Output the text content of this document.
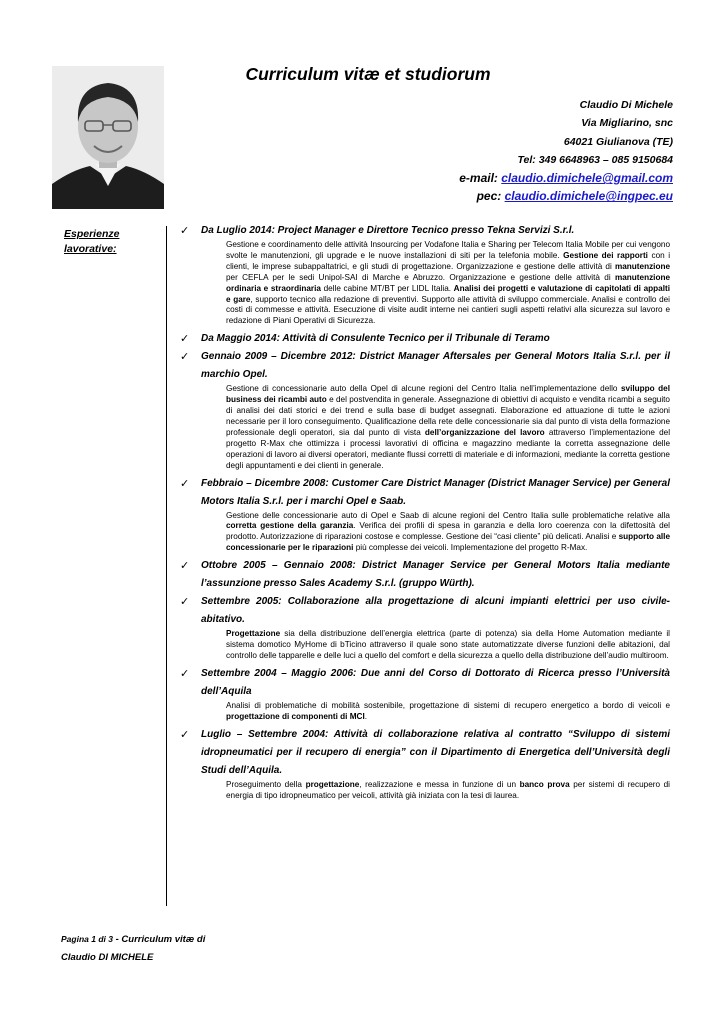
Curriculum vitæ et studiorum
Claudio Di Michele
Via Migliarino, snc
64021 Giulianova (TE)
Tel: 349 6648963 – 085 9150684
e-mail: claudio.dimichele@gmail.com
pec: claudio.dimichele@ingpec.eu
Esperienze
lavorative:
✓	Da Luglio 2014: Project Manager e Direttore Tecnico presso Tekna Servizi S.r.l.
Gestione e coordinamento delle attività Insourcing per Vodafone Italia e Sharing per Telecom Italia Mobile per cui vengono svolte le manutenzioni, gli upgrade e le nuove installazioni di siti per la telefonia mobile. Gestione dei rapporti con i clienti, le imprese subappaltatrici, e gli studi di progettazione. Organizzazione e gestione delle attività di manutenzione per CEFLA per le sedi Unipol-SAI di Marche e Abruzzo. Organizzazione e gestione delle attività di manutenzione ordinaria e straordinaria delle cabine MT/BT per LIDL Italia. Analisi dei progetti e valutazione di capitolati di appalti e gare, supporto tecnico alla redazione di preventivi. Supporto alle attività di sviluppo commerciale. Analisi e controllo dei costi di commesse e attività. Esecuzione di visite audit interne nei cantieri sugli aspetti relativi alla sicurezza sul lavoro e redazione di Piani Operativi di Sicurezza.
✓	Da Maggio 2014: Attività di Consulente Tecnico per il Tribunale di Teramo
✓	Gennaio 2009 – Dicembre 2012: District Manager Aftersales per General Motors Italia S.r.l. per il marchio Opel.
Gestione di concessionarie auto della Opel di alcune regioni del Centro Italia nell’implementazione dello sviluppo del business dei ricambi auto e del postvendita in generale. Assegnazione di obiettivi di acquisto e vendita ricambi a seguito di analisi dei dati storici e dei trend e sulla base di budget assegnati. Elaborazione ed attuazione di tutte le azioni necessarie per il loro conseguimento. Qualificazione della rete delle concessionarie sia dal punto di vista della formazione professionale degli operatori, sia dal punto di vista dell’organizzazione del lavoro attraverso l’implementazione del progetto R-Max che ottimizza i processi lavorativi di officina e magazzino mediante la corretta assegnazione delle operazioni di lavoro ai diversi operatori, mediante flussi corretti di materiale e di informazioni, mediante la corretta gestione degli appuntamenti e dei clienti in generale.
✓	Febbraio – Dicembre 2008: Customer Care District Manager (District Manager Service) per General Motors Italia S.r.l. per i marchi Opel e Saab.
Gestione delle concessionarie auto di Opel e Saab di alcune regioni del Centro Italia sulle problematiche relative alla corretta gestione della garanzia. Verifica dei profili di spesa in garanzia e della loro coerenza con la difettosità del prodotto. Autorizzazione di riparazioni costose e complesse. Gestione dei “casi cliente” più delicati. Analisi e supporto alle concessionarie per le riparazioni più complesse dei veicoli. Implementazione del progetto R-Max.
✓	Ottobre 2005 – Gennaio 2008: District Manager Service per General Motors Italia mediante l’assunzione presso Sales Academy S.r.l. (gruppo Würth).
✓	Settembre 2005: Collaborazione alla progettazione di alcuni impianti elettrici per uso civile-abitativo.
Progettazione sia della distribuzione dell’energia elettrica (parte di potenza) sia della Home Automation mediante il sistema domotico MyHome di bTicino attraverso il quale sono state automatizzate diverse funzioni delle abitazioni, dal controllo delle tapparelle e delle luci a quello del comfort e della sicurezza a quello della distribuzione dell’audio multiroom.
✓	Settembre 2004 – Maggio 2006: Due anni del Corso di Dottorato di Ricerca presso l’Università dell’Aquila
Analisi di problematiche di mobilità sostenibile, progettazione di sistemi di recupero energetico a bordo di veicoli e progettazione di componenti di MCI.
✓	Luglio – Settembre 2004: Attività di collaborazione relativa al contratto “Sviluppo di sistemi idropneumatici per il recupero di energia” con il Dipartimento di Energetica dell’Università degli Studi dell’Aquila.
Proseguimento della progettazione, realizzazione e messa in funzione di un banco prova per sistemi di recupero di energia di tipo idropneumatico per veicoli, attività già iniziata con la tesi di laurea.
Pagina 1 di 3 - Curriculum vitæ di
Claudio DI MICHELE
